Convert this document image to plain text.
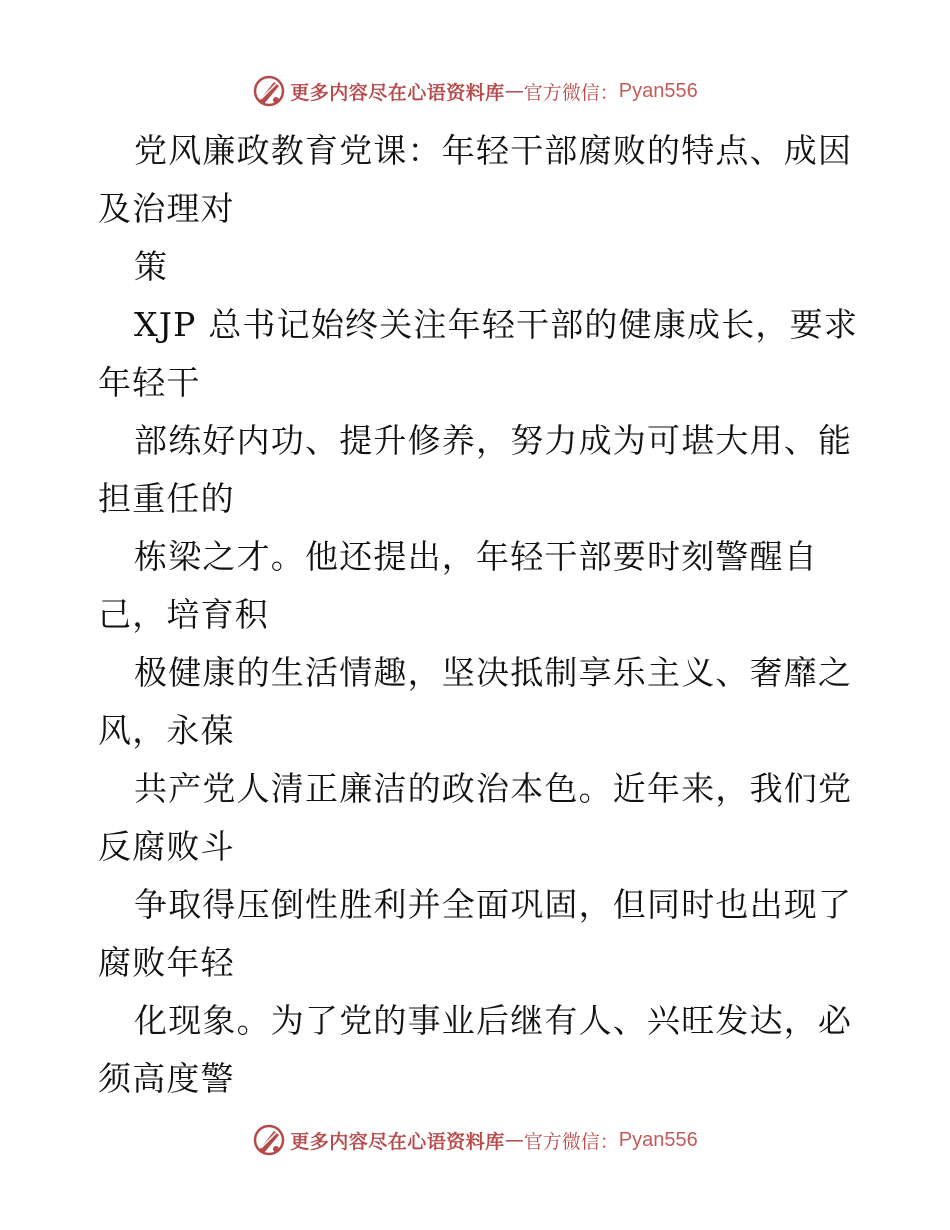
更多内容尽在心语资料库 — 官方微信： Pyan556
党风廉政教育党课：年轻干部腐败的特点、成因
及治理对
策
XJP 总书记始终关注年轻干部的健康成长，要求
年轻干
部练好内功、提升修养，努力成为可堪大用、能
担重任的
栋梁之才。他还提出，年轻干部要时刻警醒自
己，培育积
极健康的生活情趣，坚决抵制享乐主义、奢靡之
风，永葆
共产党人清正廉洁的政治本色。近年来，我们党
反腐败斗
争取得压倒性胜利并全面巩固，但同时也出现了
腐败年轻
化现象。为了党的事业后继有人、兴旺发达，必
须高度警
更多内容尽在心语资料库 — 官方微信： Pyan556
